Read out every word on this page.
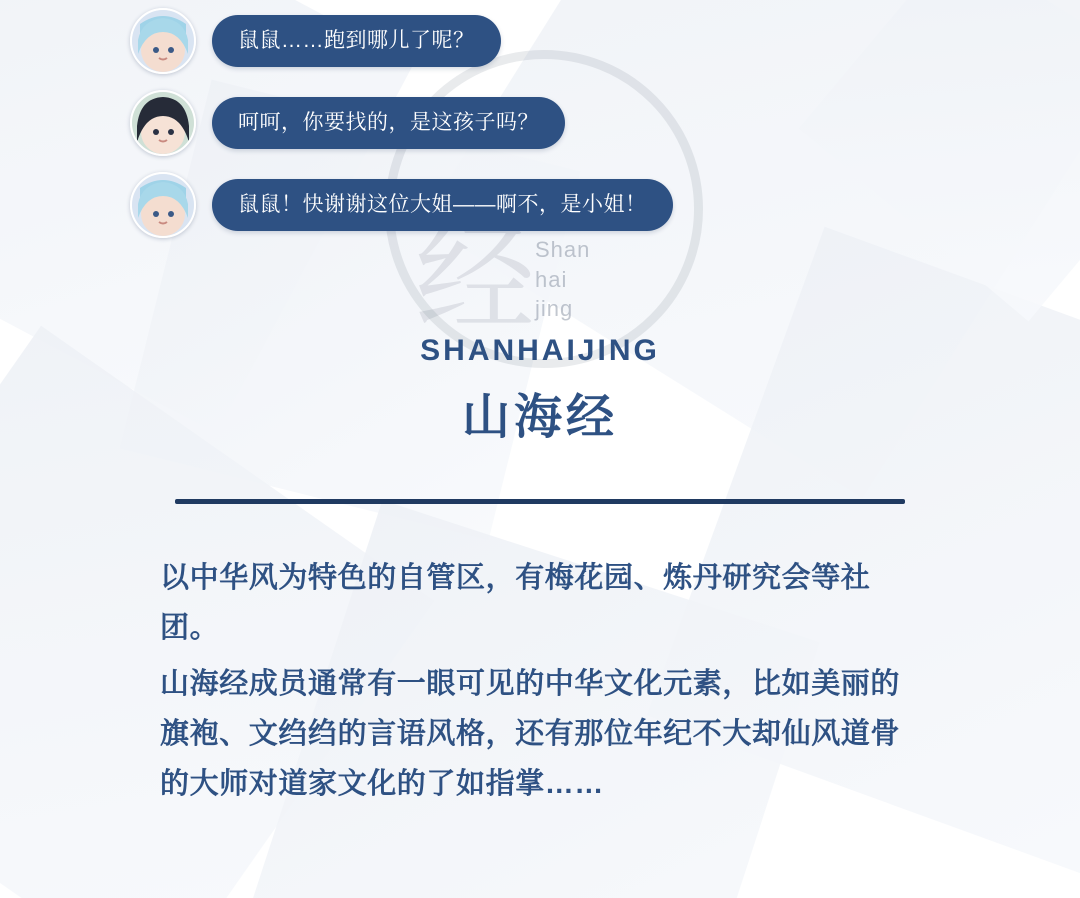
Shan
hai
jing
鼠鼠……跑到哪儿了呢？
呵呵，你要找的，是这孩子吗？
鼠鼠！快谢谢这位大姐——啊不，是小姐！
SHANHAIJING
山海经

以中华风为特色的自管区，有梅花园、炼丹研究会等社团。

山海经成员通常有一眼可见的中华文化元素，比如美丽的旗袍、文绉绉的言语风格，还有那位年纪不大却仙风道骨的大师对道家文化的了如指掌……
